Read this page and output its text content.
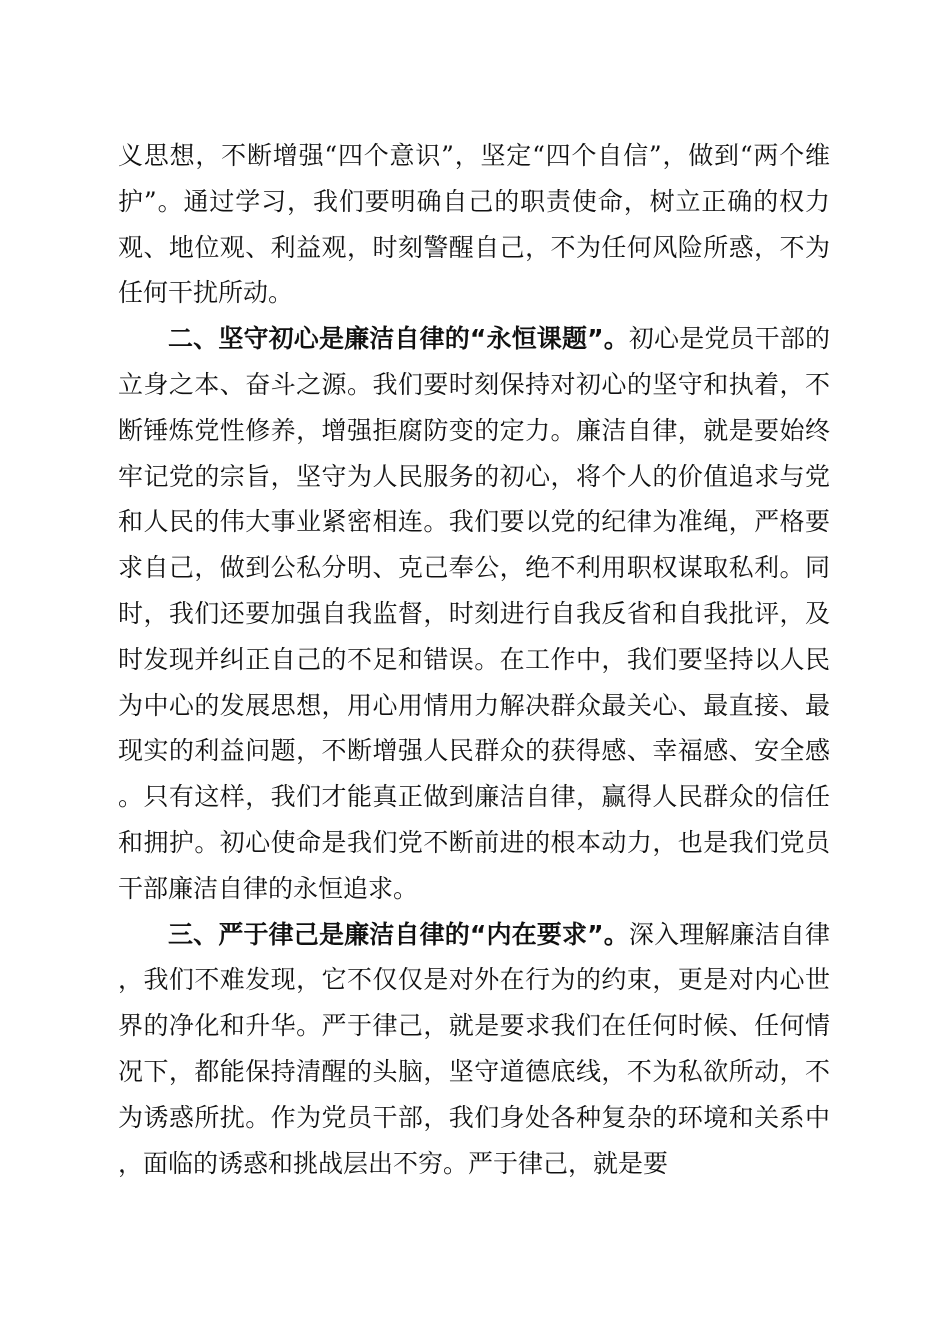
义思想，不断增强“四个意识”，坚定“四个自信”，做到“两个维护”。通过学习，我们要明确自己的职责使命，树立正确的权力观、地位观、利益观，时刻警醒自己，不为任何风险所惑，不为任何干扰所动。

二、坚守初心是廉洁自律的“永恒课题”。初心是党员干部的立身之本、奋斗之源。我们要时刻保持对初心的坚守和执着，不断锤炼党性修养，增强拒腐防变的定力。廉洁自律，就是要始终牢记党的宗旨，坚守为人民服务的初心，将个人的价值追求与党和人民的伟大事业紧密相连。我们要以党的纪律为准绳，严格要求自己，做到公私分明、克己奉公，绝不利用职权谋取私利。同时，我们还要加强自我监督，时刻进行自我反省和自我批评，及时发现并纠正自己的不足和错误。在工作中，我们要坚持以人民为中心的发展思想，用心用情用力解决群众最关心、最直接、最现实的利益问题，不断增强人民群众的获得感、幸福感、安全感。只有这样，我们才能真正做到廉洁自律，赢得人民群众的信任和拥护。初心使命是我们党不断前进的根本动力，也是我们党员干部廉洁自律的永恒追求。

三、严于律己是廉洁自律的“内在要求”。深入理解廉洁自律，我们不难发现，它不仅仅是对外在行为的约束，更是对内心世界的净化和升华。严于律己，就是要求我们在任何时候、任何情况下，都能保持清醒的头脑，坚守道德底线，不为私欲所动，不为诱惑所扰。作为党员干部，我们身处各种复杂的环境和关系中，面临的诱惑和挑战层出不穷。严于律己，就是要
